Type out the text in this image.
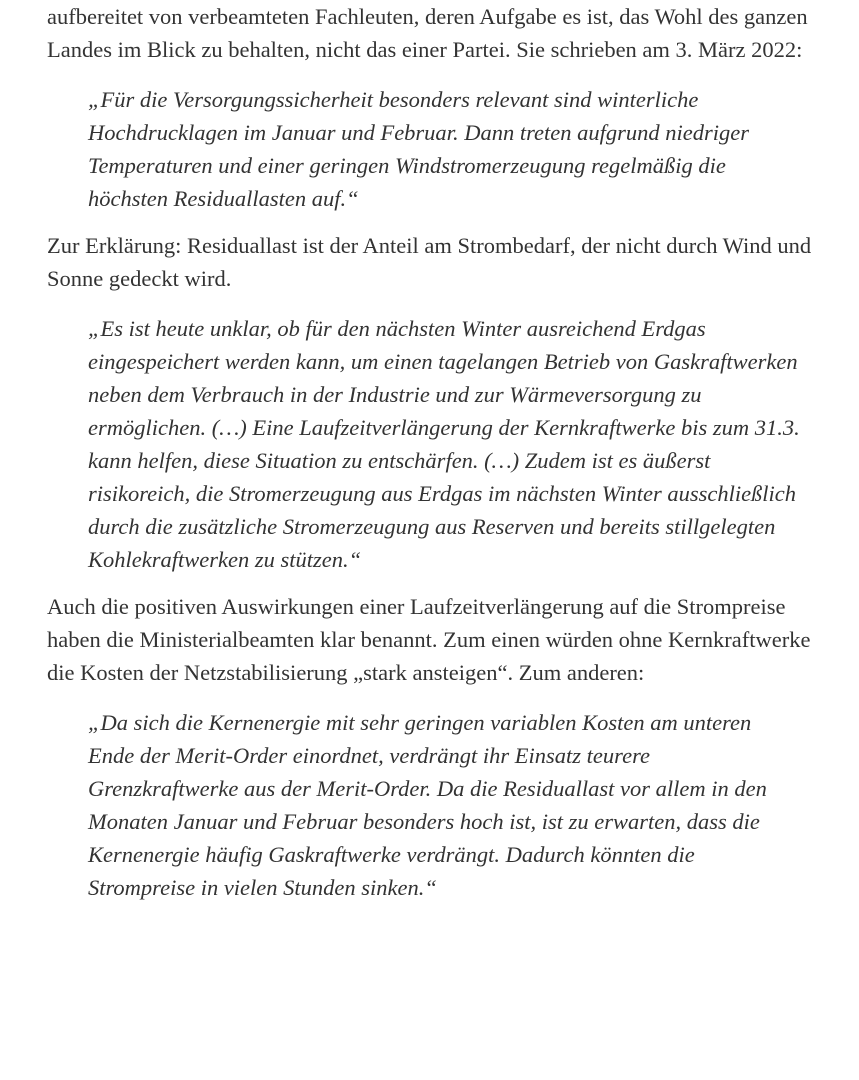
aufbereitet von verbeamteten Fachleuten, deren Aufgabe es ist, das Wohl des ganzen Landes im Blick zu behalten, nicht das einer Partei. Sie schrieben am 3. März 2022:

„Für die Versorgungssicherheit besonders relevant sind winterliche Hochdrucklagen im Januar und Februar. Dann treten aufgrund niedriger Temperaturen und einer geringen Windstromerzeugung regelmäßig die höchsten Residuallasten auf.“

Zur Erklärung: Residuallast ist der Anteil am Strombedarf, der nicht durch Wind und Sonne gedeckt wird.

„Es ist heute unklar, ob für den nächsten Winter ausreichend Erdgas eingespeichert werden kann, um einen tagelangen Betrieb von Gaskraftwerken neben dem Verbrauch in der Industrie und zur Wärmeversorgung zu ermöglichen. (…) Eine Laufzeitverlängerung der Kernkraftwerke bis zum 31.3. kann helfen, diese Situation zu entschärfen. (…) Zudem ist es äußerst risikoreich, die Stromerzeugung aus Erdgas im nächsten Winter ausschließlich durch die zusätzliche Stromerzeugung aus Reserven und bereits stillgelegten Kohlekraftwerken zu stützen.“

Auch die positiven Auswirkungen einer Laufzeitverlängerung auf die Strompreise haben die Ministerialbeamten klar benannt. Zum einen würden ohne Kernkraftwerke die Kosten der Netzstabilisierung „stark ansteigen“. Zum anderen:

„Da sich die Kernenergie mit sehr geringen variablen Kosten am unteren Ende der Merit-Order einordnet, verdrängt ihr Einsatz teurere Grenzkraftwerke aus der Merit-Order. Da die Residuallast vor allem in den Monaten Januar und Februar besonders hoch ist, ist zu erwarten, dass die Kernenergie häufig Gaskraftwerke verdrängt. Dadurch könnten die Strompreise in vielen Stunden sinken.“
